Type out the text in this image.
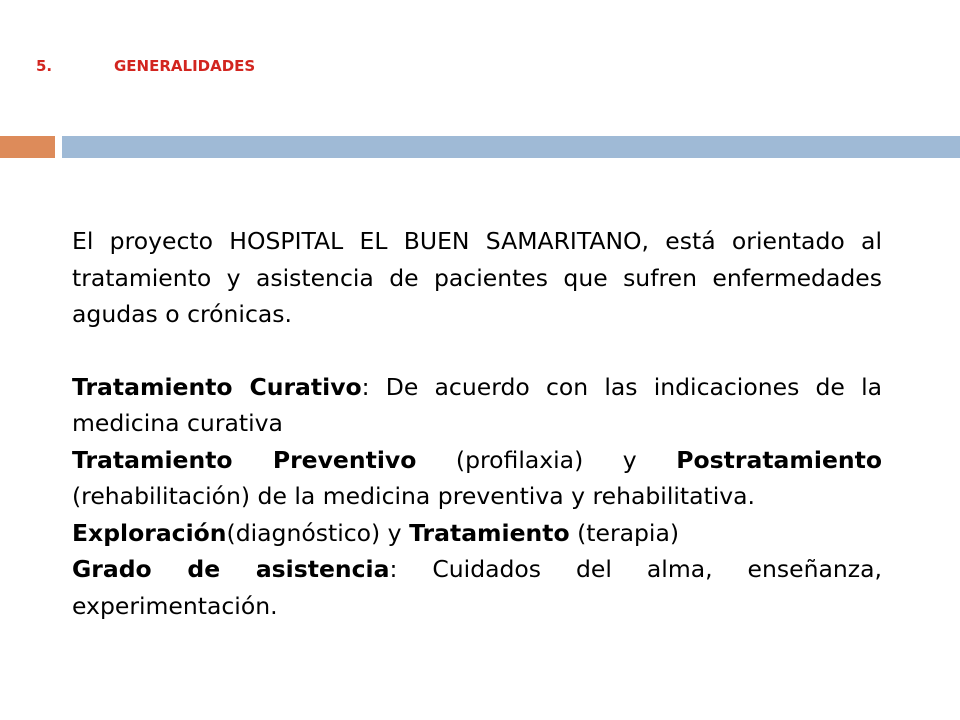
5.	GENERALIDADES

El proyecto HOSPITAL EL BUEN SAMARITANO, está orientado al tratamiento y asistencia de pacientes que sufren enfermedades agudas o crónicas.

Tratamiento Curativo: De acuerdo con las indicaciones de la medicina curativa

Tratamiento Preventivo (profilaxia) y Postratamiento (rehabilitación) de la medicina preventiva y rehabilitativa.

Exploración(diagnóstico) y Tratamiento (terapia)

Grado de asistencia: Cuidados del alma, enseñanza, experimentación.
